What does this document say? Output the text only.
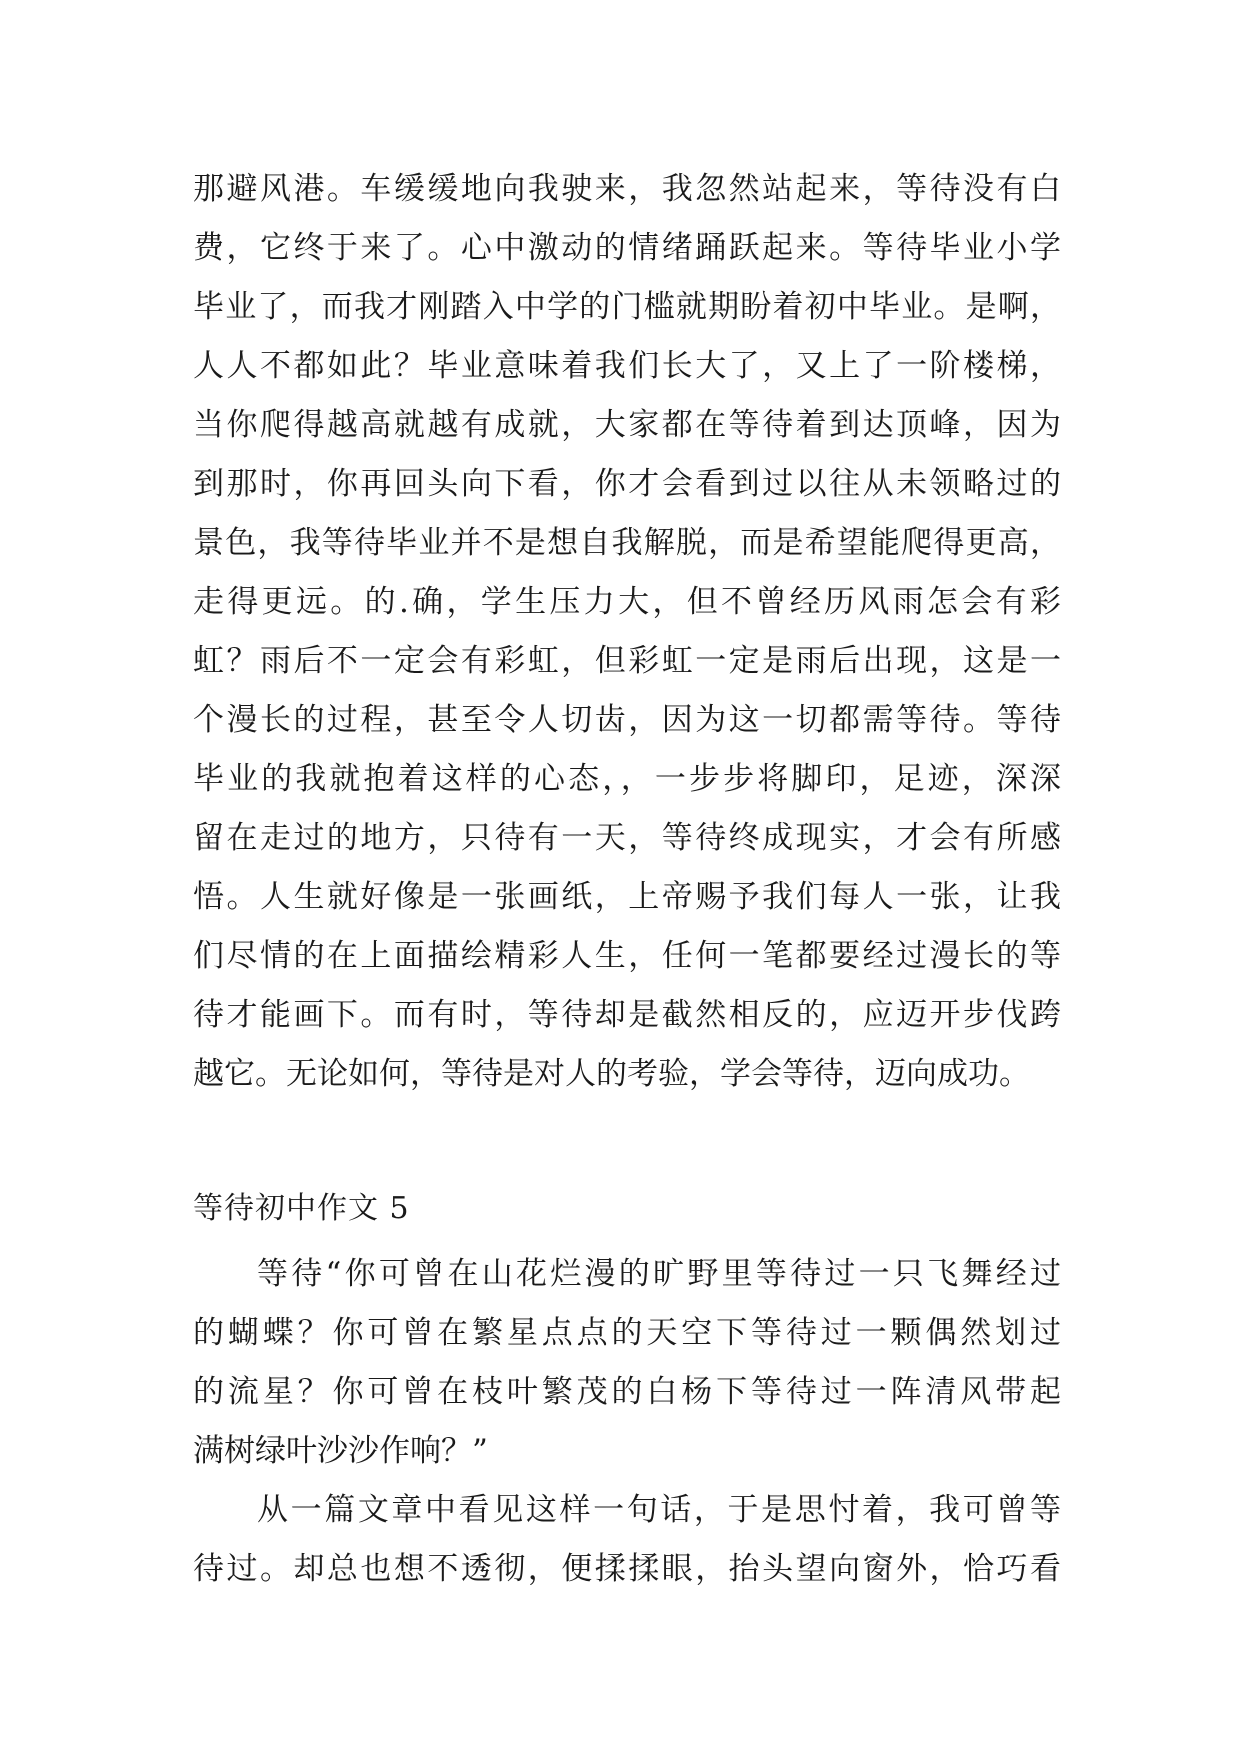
那避风港。车缓缓地向我驶来，我忽然站起来，等待没有白
费，它终于来了。心中激动的情绪踊跃起来。等待毕业小学
毕业了，而我才刚踏入中学的门槛就期盼着初中毕业。是啊，
人人不都如此？毕业意味着我们长大了，又上了一阶楼梯，
当你爬得越高就越有成就，大家都在等待着到达顶峰，因为
到那时，你再回头向下看，你才会看到过以往从未领略过的
景色，我等待毕业并不是想自我解脱，而是希望能爬得更高，
走得更远。的.确，学生压力大，但不曾经历风雨怎会有彩
虹？雨后不一定会有彩虹，但彩虹一定是雨后出现，这是一
个漫长的过程，甚至令人切齿，因为这一切都需等待。等待
毕业的我就抱着这样的心态，，一步步将脚印，足迹，深深
留在走过的地方，只待有一天，等待终成现实，才会有所感
悟。人生就好像是一张画纸，上帝赐予我们每人一张，让我
们尽情的在上面描绘精彩人生，任何一笔都要经过漫长的等
待才能画下。而有时，等待却是截然相反的，应迈开步伐跨
越它。无论如何，等待是对人的考验，学会等待，迈向成功。
等待初中作文 5
等待“你可曾在山花烂漫的旷野里等待过一只飞舞经过
的蝴蝶？你可曾在繁星点点的天空下等待过一颗偶然划过
的流星？你可曾在枝叶繁茂的白杨下等待过一阵清风带起
满树绿叶沙沙作响？”
从一篇文章中看见这样一句话，于是思忖着，我可曾等
待过。却总也想不透彻，便揉揉眼，抬头望向窗外，恰巧看
